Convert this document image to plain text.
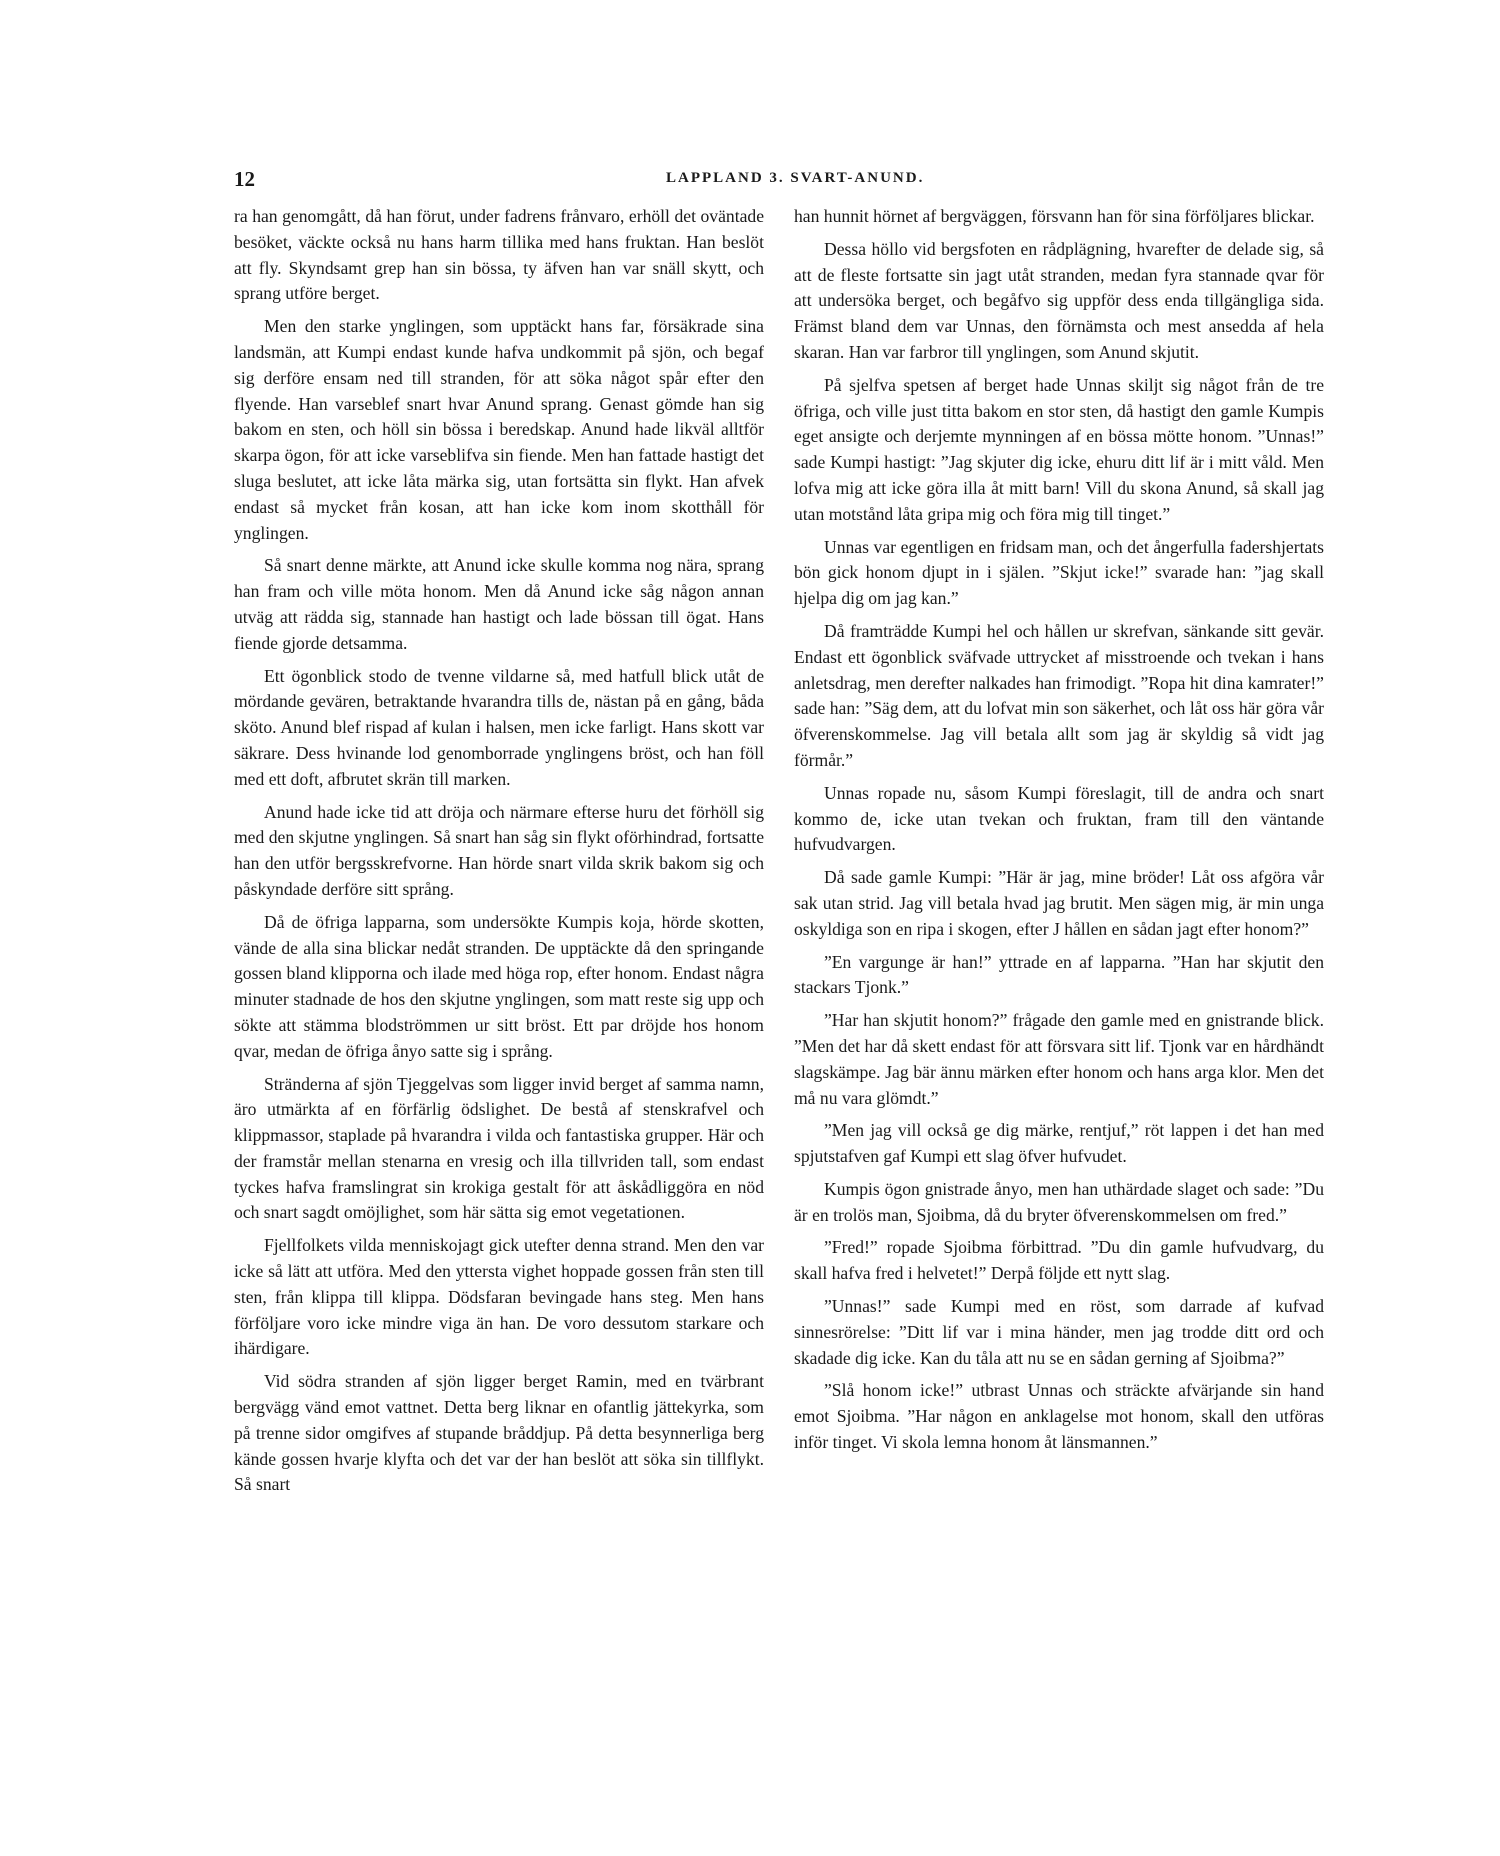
12	LAPPLAND 3. SVART-ANUND.

ra han genomgått, då han förut, under fadrens frånvaro, erhöll det oväntade besöket, väckte också nu hans harm tillika med hans fruktan. Han beslöt att fly. Skyndsamt grep han sin bössa, ty äfven han var snäll skytt, och sprang utföre berget.

Men den starke ynglingen, som upptäckt hans far, försäkrade sina landsmän, att Kumpi endast kunde hafva undkommit på sjön, och begaf sig derföre ensam ned till stranden, för att söka något spår efter den flyende. Han varseblef snart hvar Anund sprang. Genast gömde han sig bakom en sten, och höll sin bössa i beredskap. Anund hade likväl alltför skarpa ögon, för att icke varseblifva sin fiende. Men han fattade hastigt det sluga beslutet, att icke låta märka sig, utan fortsätta sin flykt. Han afvek endast så mycket från kosan, att han icke kom inom skotthåll för ynglingen.

Så snart denne märkte, att Anund icke skulle komma nog nära, sprang han fram och ville möta honom. Men då Anund icke såg någon annan utväg att rädda sig, stannade han hastigt och lade bössan till ögat. Hans fiende gjorde detsamma.

Ett ögonblick stodo de tvenne vildarne så, med hatfull blick utåt de mördande gevären, betraktande hvarandra tills de, nästan på en gång, båda sköto. Anund blef rispad af kulan i halsen, men icke farligt. Hans skott var säkrare. Dess hvinande lod genomborrade ynglingens bröst, och han föll med ett doft, afbrutet skrän till marken.

Anund hade icke tid att dröja och närmare efterse huru det förhöll sig med den skjutne ynglingen. Så snart han såg sin flykt oförhindrad, fortsatte han den utför bergsskrefvorne. Han hörde snart vilda skrik bakom sig och påskyndade derföre sitt språng.

Då de öfriga lapparna, som undersökte Kumpis koja, hörde skotten, vände de alla sina blickar nedåt stranden. De upptäckte då den springande gossen bland klipporna och ilade med höga rop, efter honom. Endast några minuter stadnade de hos den skjutne ynglingen, som matt reste sig upp och sökte att stämma blodströmmen ur sitt bröst. Ett par dröjde hos honom qvar, medan de öfriga ånyo satte sig i språng.

Stränderna af sjön Tjeggelvas som ligger invid berget af samma namn, äro utmärkta af en förfärlig ödslighet. De bestå af stenskrafvel och klippmassor, staplade på hvarandra i vilda och fantastiska grupper. Här och der framstår mellan stenarna en vresig och illa tillvriden tall, som endast tyckes hafva framslingrat sin krokiga gestalt för att åskådliggöra en nöd och snart sagdt omöjlighet, som här sätta sig emot vegetationen.

Fjellfolkets vilda menniskojagt gick utefter denna strand. Men den var icke så lätt att utföra. Med den yttersta vighet hoppade gossen från sten till sten, från klippa till klippa. Dödsfaran bevingade hans steg. Men hans förföljare voro icke mindre viga än han. De voro dessutom starkare och ihärdigare.

Vid södra stranden af sjön ligger berget Ramin, med en tvärbrant bergvägg vänd emot vattnet. Detta berg liknar en ofantlig jättekyrka, som på trenne sidor omgifves af stupande bråddjup. På detta besynnerliga berg kände gossen hvarje klyfta och det var der han beslöt att söka sin tillflykt. Så snart

han hunnit hörnet af bergväggen, försvann han för sina förföljares blickar.

Dessa höllo vid bergsfoten en rådplägning, hvarefter de delade sig, så att de fleste fortsatte sin jagt utåt stranden, medan fyra stannade qvar för att undersöka berget, och begåfvo sig uppför dess enda tillgängliga sida. Främst bland dem var Unnas, den förnämsta och mest ansedda af hela skaran. Han var farbror till ynglingen, som Anund skjutit.

På sjelfva spetsen af berget hade Unnas skiljt sig något från de tre öfriga, och ville just titta bakom en stor sten, då hastigt den gamle Kumpis eget ansigte och derjemte mynningen af en bössa mötte honom. ”Unnas!” sade Kumpi hastigt: ”Jag skjuter dig icke, ehuru ditt lif är i mitt våld. Men lofva mig att icke göra illa åt mitt barn! Vill du skona Anund, så skall jag utan motstånd låta gripa mig och föra mig till tinget.”

Unnas var egentligen en fridsam man, och det ångerfulla fadershjertats bön gick honom djupt in i själen. ”Skjut icke!” svarade han: ”jag skall hjelpa dig om jag kan.”

Då framträdde Kumpi hel och hållen ur skrefvan, sänkande sitt gevär. Endast ett ögonblick sväfvade uttrycket af misstroende och tvekan i hans anletsdrag, men derefter nalkades han frimodigt. ”Ropa hit dina kamrater!” sade han: ”Säg dem, att du lofvat min son säkerhet, och låt oss här göra vår öfverenskommelse. Jag vill betala allt som jag är skyldig så vidt jag förmår.”

Unnas ropade nu, såsom Kumpi föreslagit, till de andra och snart kommo de, icke utan tvekan och fruktan, fram till den väntande hufvudvargen.

Då sade gamle Kumpi: ”Här är jag, mine bröder! Låt oss afgöra vår sak utan strid. Jag vill betala hvad jag brutit. Men sägen mig, är min unga oskyldiga son en ripa i skogen, efter J hållen en sådan jagt efter honom?”

”En vargunge är han!” yttrade en af lapparna. ”Han har skjutit den stackars Tjonk.”

”Har han skjutit honom?” frågade den gamle med en gnistrande blick. ”Men det har då skett endast för att försvara sitt lif. Tjonk var en hårdhändt slagskämpe. Jag bär ännu märken efter honom och hans arga klor. Men det må nu vara glömdt.”

”Men jag vill också ge dig märke, rentjuf,” röt lappen i det han med spjutstafven gaf Kumpi ett slag öfver hufvudet.

Kumpis ögon gnistrade ånyo, men han uthärdade slaget och sade: ”Du är en trolös man, Sjoibma, då du bryter öfverenskommelsen om fred.”

”Fred!” ropade Sjoibma förbittrad. ”Du din gamle hufvudvarg, du skall hafva fred i helvetet!” Derpå följde ett nytt slag.

”Unnas!” sade Kumpi med en röst, som darrade af kufvad sinnesrörelse: ”Ditt lif var i mina händer, men jag trodde ditt ord och skadade dig icke. Kan du tåla att nu se en sådan gerning af Sjoibma?”

”Slå honom icke!” utbrast Unnas och sträckte afvärjande sin hand emot Sjoibma. ”Har någon en anklagelse mot honom, skall den utföras inför tinget. Vi skola lemna honom åt länsmannen.”
